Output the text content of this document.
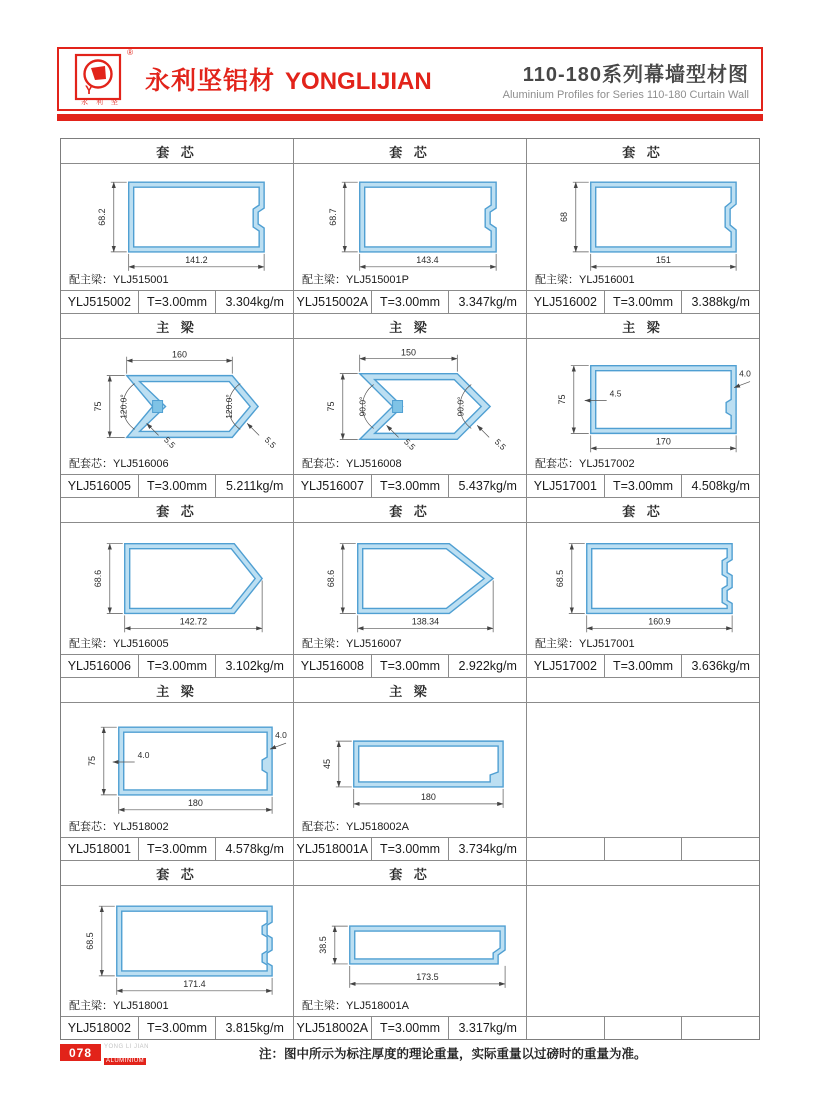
Y
永 利 坚
®
永利坚铝材 YONGLIJIAN	110-180系列幕墙型材图
Aluminium Profiles for Series 110-180 Curtain Wall
套 芯
68.2
141.2
配主梁：YLJ515001
YLJ515002	T=3.00mm	3.304kg/m
套 芯
68.7
143.4
配主梁：YLJ515001P
YLJ515002A T=3.00mm	3.347kg/m
套 芯
68
151
配主梁：YLJ516001
YLJ516002	T=3.00mm	3.388kg/m
主 梁
160
75 120.0°	120.0°
5.5	5.5
配套芯：YLJ516006
YLJ516005	T=3.00mm	5.211kg/m
主 梁
150
75	90.0°	90.0°
5.5	5.5
配套芯：YLJ516008
YLJ516007	T=3.00mm	5.437kg/m
主 梁
75
170
4.5
4.0
配套芯：YLJ517002
YLJ517001	T=3.00mm	4.508kg/m
套 芯
68.6
142.72
配主梁：YLJ516005
YLJ516006	T=3.00mm	3.102kg/m
套 芯
68.6
138.34
配主梁：YLJ516007
YLJ516008	T=3.00mm	2.922kg/m
套 芯
68.5
160.9
配主梁：YLJ517001
YLJ517002	T=3.00mm	3.636kg/m
主 梁
75
180
4.0
4.0
配套芯：YLJ518002
YLJ518001	T=3.00mm	4.578kg/m
主 梁
45
180
配套芯：YLJ518002A
YLJ518001A T=3.00mm	3.734kg/m
套 芯
68.5
171.4
配主梁：YLJ518001
YLJ518002	T=3.00mm	3.815kg/m
套 芯
38.5
173.5
配主梁：YLJ518001A
YLJ518002A T=3.00mm	3.317kg/m
078	YONG LI JIAN
ALUMINIUM	注：图中所示为标注厚度的理论重量，实际重量以过磅时的重量为准。
